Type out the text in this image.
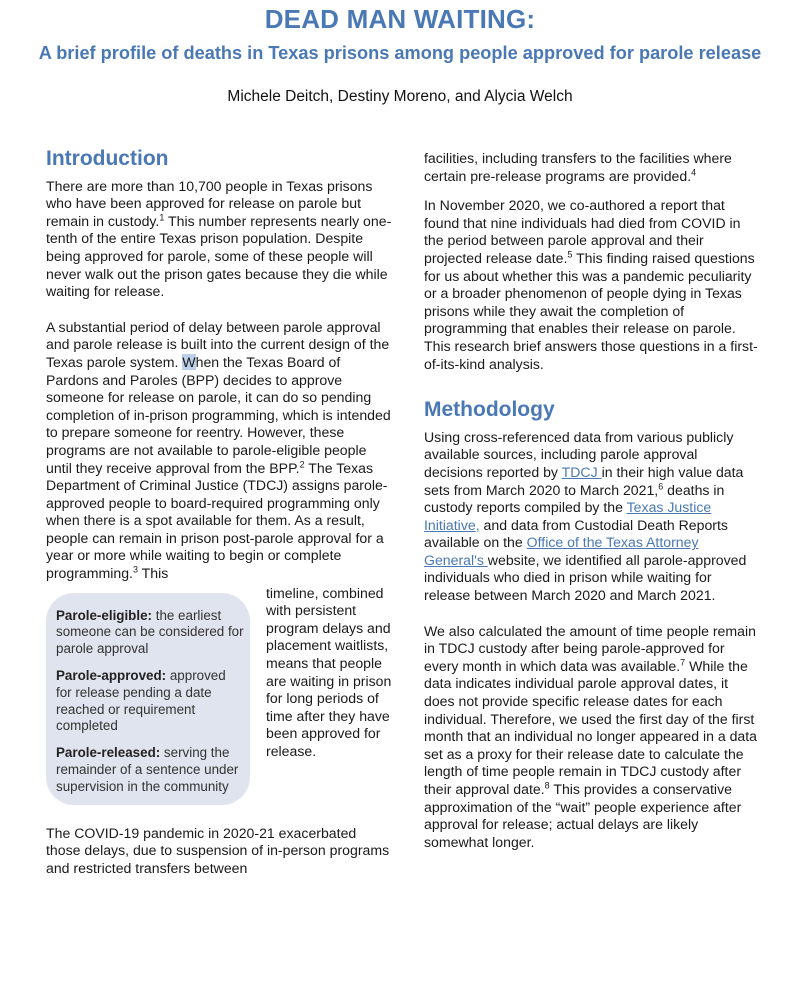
DEAD MAN WAITING:
A brief profile of deaths in Texas prisons among people approved for parole release
Michele Deitch, Destiny Moreno, and Alycia Welch
Introduction

There are more than 10,700 people in Texas prisons who have been approved for release on parole but remain in custody.$^1$ This number represents nearly one-tenth of the entire Texas prison population. Despite being approved for parole, some of these people will never walk out the prison gates because they die while waiting for release.

A substantial period of delay between parole approval and parole release is built into the current design of the Texas parole system. When the Texas Board of Pardons and Paroles (BPP) decides to approve someone for release on parole, it can do so pending completion of in-prison programming, which is intended to prepare someone for reentry. However, these programs are not available to parole-eligible people until they receive approval from the BPP.$^2$ The Texas Department of Criminal Justice (TDCJ) assigns parole-approved people to board-required programming only when there is a spot available for them. As a result, people can remain in prison post-parole approval for a year or more while waiting to begin or complete programming.$^3$ This

Parole-eligible: the earliest someone can be considered for parole approval
Parole-approved: approved for release pending a date reached or requirement completed
Parole-released: serving the remainder of a sentence under supervision in the community
timeline, combined with persistent program delays and placement waitlists, means that people are waiting in prison for long periods of time after they have been approved for release.

The COVID-19 pandemic in 2020-21 exacerbated those delays, due to suspension of in-person programs and restricted transfers between

facilities, including transfers to the facilities where certain pre-release programs are provided.$^4$

In November 2020, we co-authored a report that found that nine individuals had died from COVID in the period between parole approval and their projected release date.$^5$ This finding raised questions for us about whether this was a pandemic peculiarity or a broader phenomenon of people dying in Texas prisons while they await the completion of programming that enables their release on parole. This research brief answers those questions in a first-of-its-kind analysis.

Methodology

Using cross-referenced data from various publicly available sources, including parole approval decisions reported by TDCJ in their high value data sets from March 2020 to March 2021,$^6$ deaths in custody reports compiled by the Texas Justice Initiative, and data from Custodial Death Reports available on the Office of the Texas Attorney General's website, we identified all parole-approved individuals who died in prison while waiting for release between March 2020 and March 2021.

We also calculated the amount of time people remain in TDCJ custody after being parole-approved for every month in which data was available.$^7$ While the data indicates individual parole approval dates, it does not provide specific release dates for each individual. Therefore, we used the first day of the first month that an individual no longer appeared in a data set as a proxy for their release date to calculate the length of time people remain in TDCJ custody after their approval date.$^8$ This provides a conservative approximation of the “wait” people experience after approval for release; actual delays are likely somewhat longer.
